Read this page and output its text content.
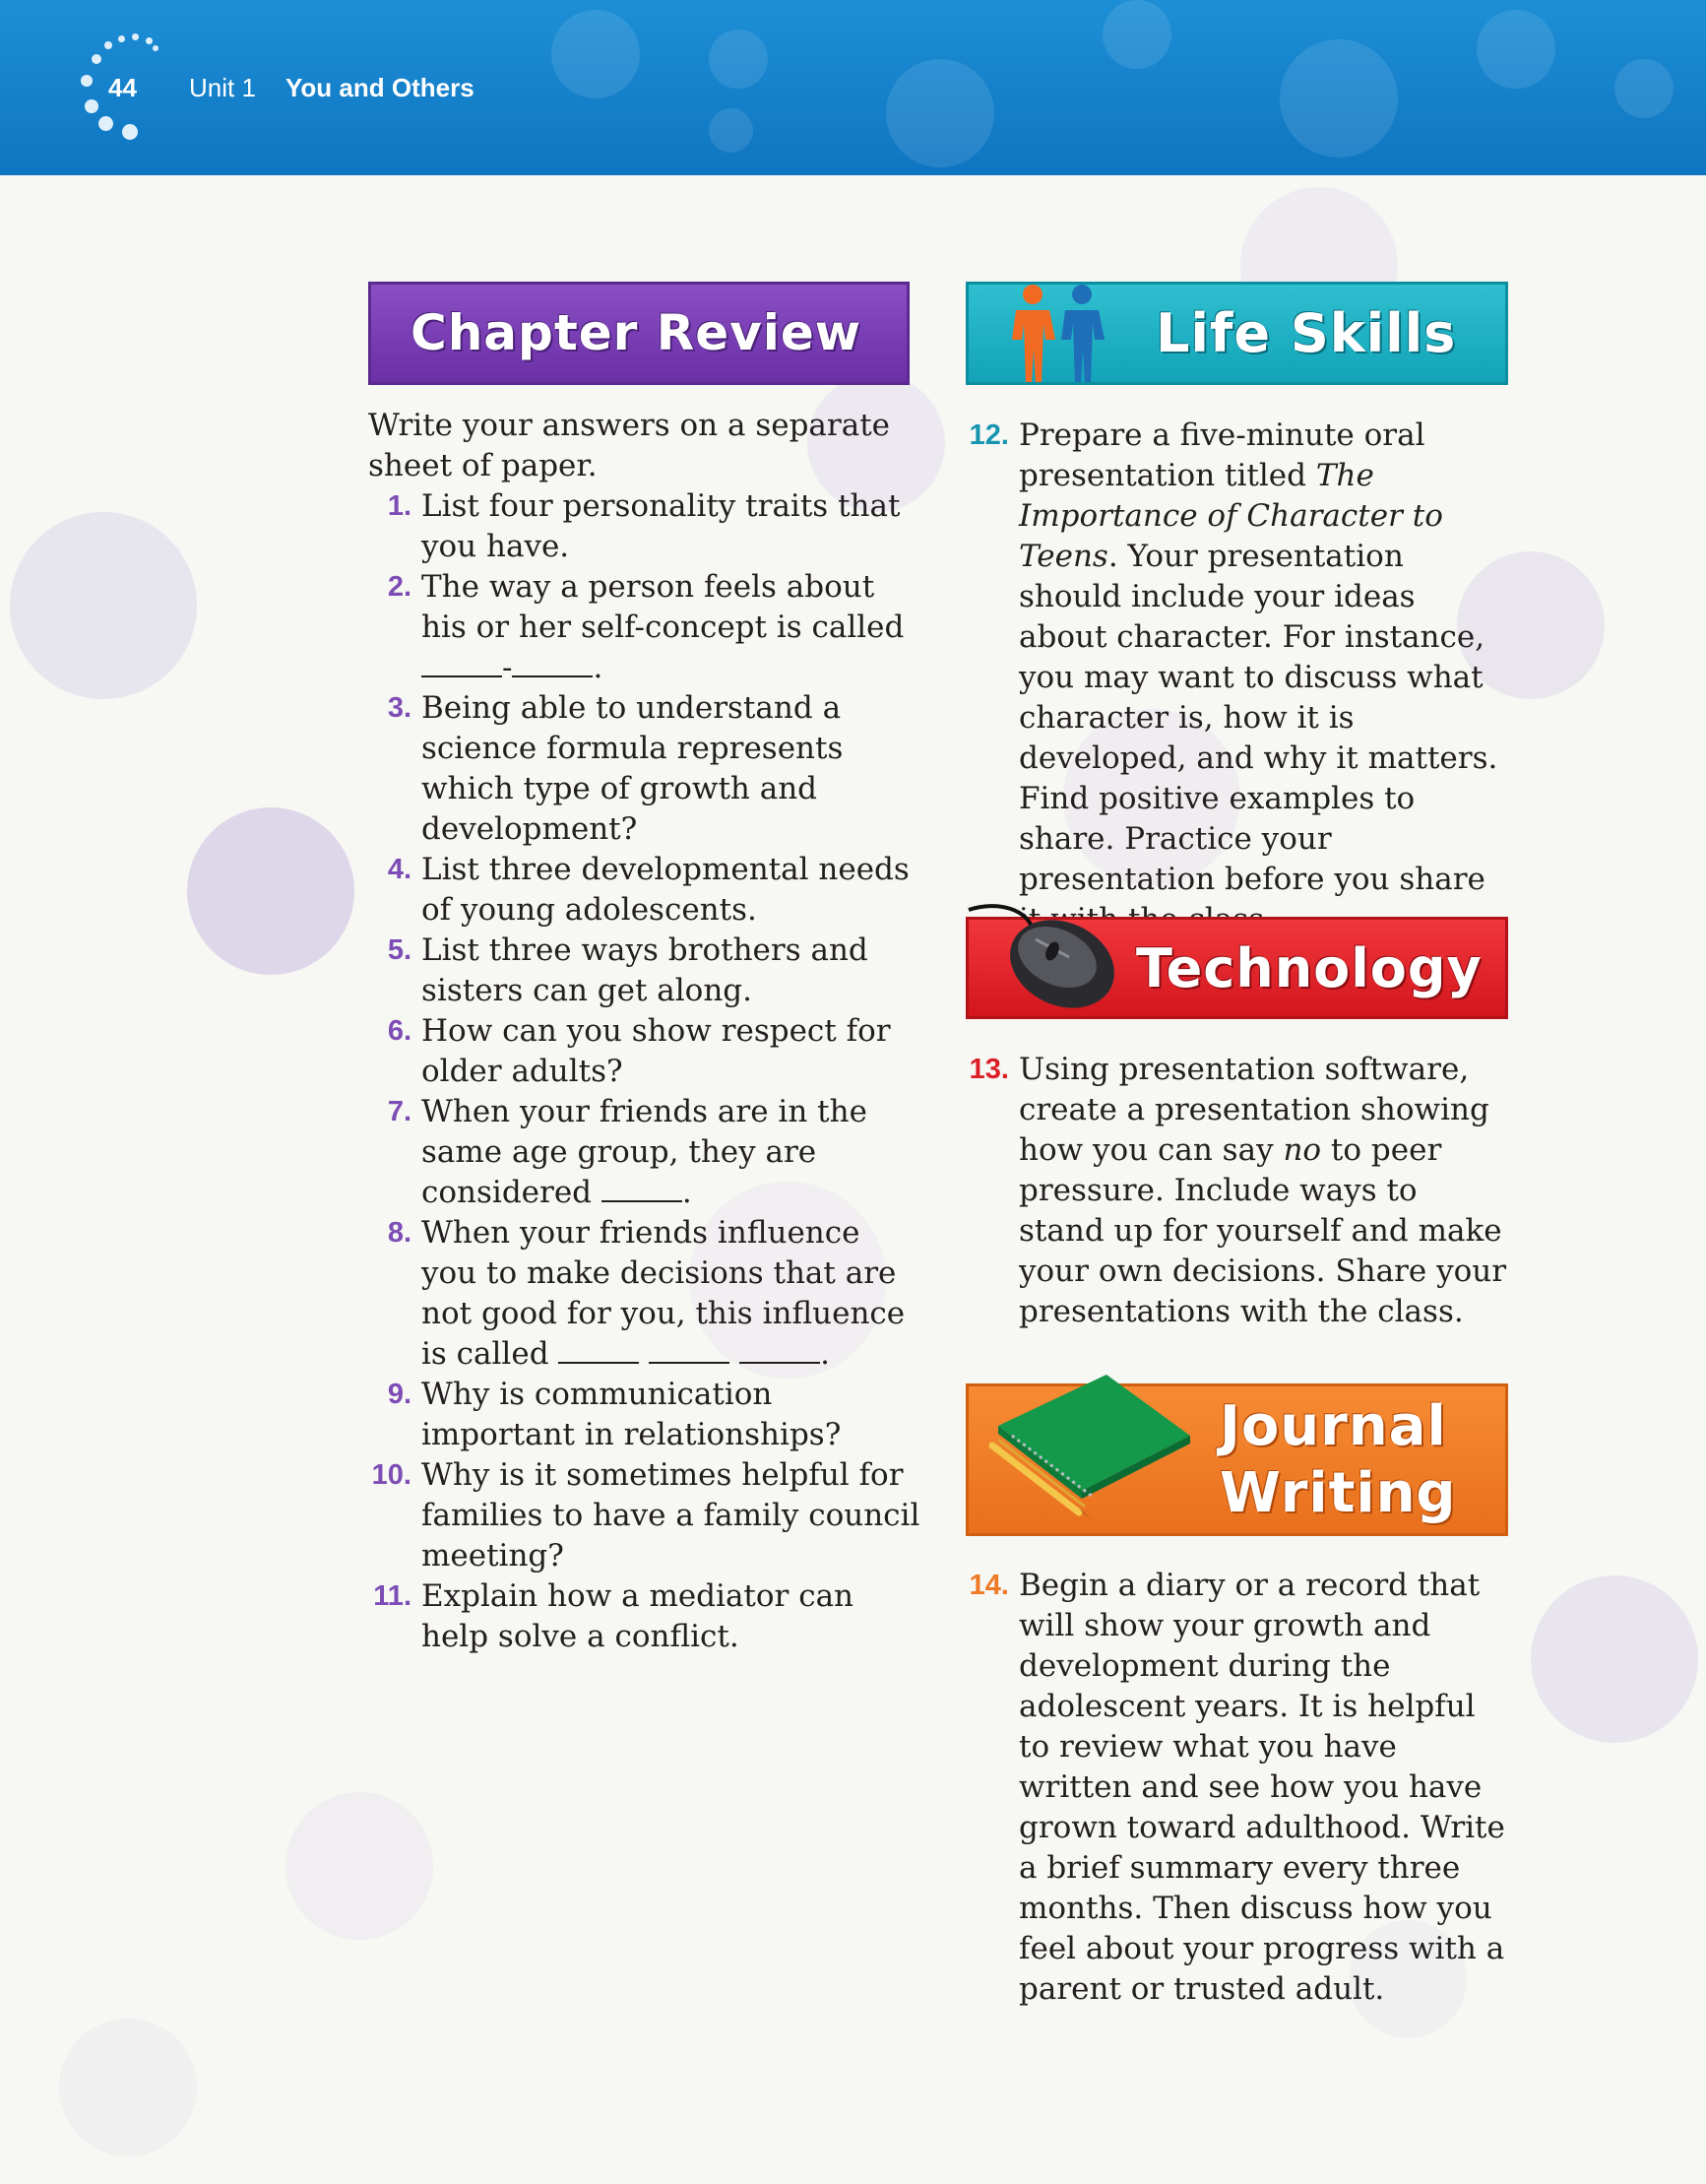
44 Unit 1 You and Others
Chapter Review
Write your answers on a separate sheet of paper.
1. List four personality traits that you have.
2. The way a person feels about his or her self-concept is called -	.
3. Being able to understand a science formula represents which type of growth and development?
4. List three developmental needs of young adolescents.
5. List three ways brothers and sisters can get along.
6. How can you show respect for older adults?
7. When your friends are in the same age group, they are considered	.
8. When your friends influence you to make decisions that are not good for you, this influence is called	.
9. Why is communication important in relationships?
10. Why is it sometimes helpful for families to have a family council meeting?
11. Explain how a mediator can help solve a conflict.
Life Skills
12. Prepare a five-minute oral presentation titled The Importance of Character to Teens. Your presentation should include your ideas about character. For instance, you may want to discuss what character is, how it is developed, and why it matters. Find positive examples to share. Practice your presentation before you share
Technology
13. Using presentation software, create a presentation showing how you can say no to peer pressure. Include ways to stand up for yourself and make your own decisions. Share your presentations with the class.
Journal
Writing
14. Begin a diary or a record that will show your growth and development during the adolescent years. It is helpful to review what you have written and see how you have grown toward adulthood. Write a brief summary every three months. Then discuss how you feel about your progress with a parent or trusted adult.
